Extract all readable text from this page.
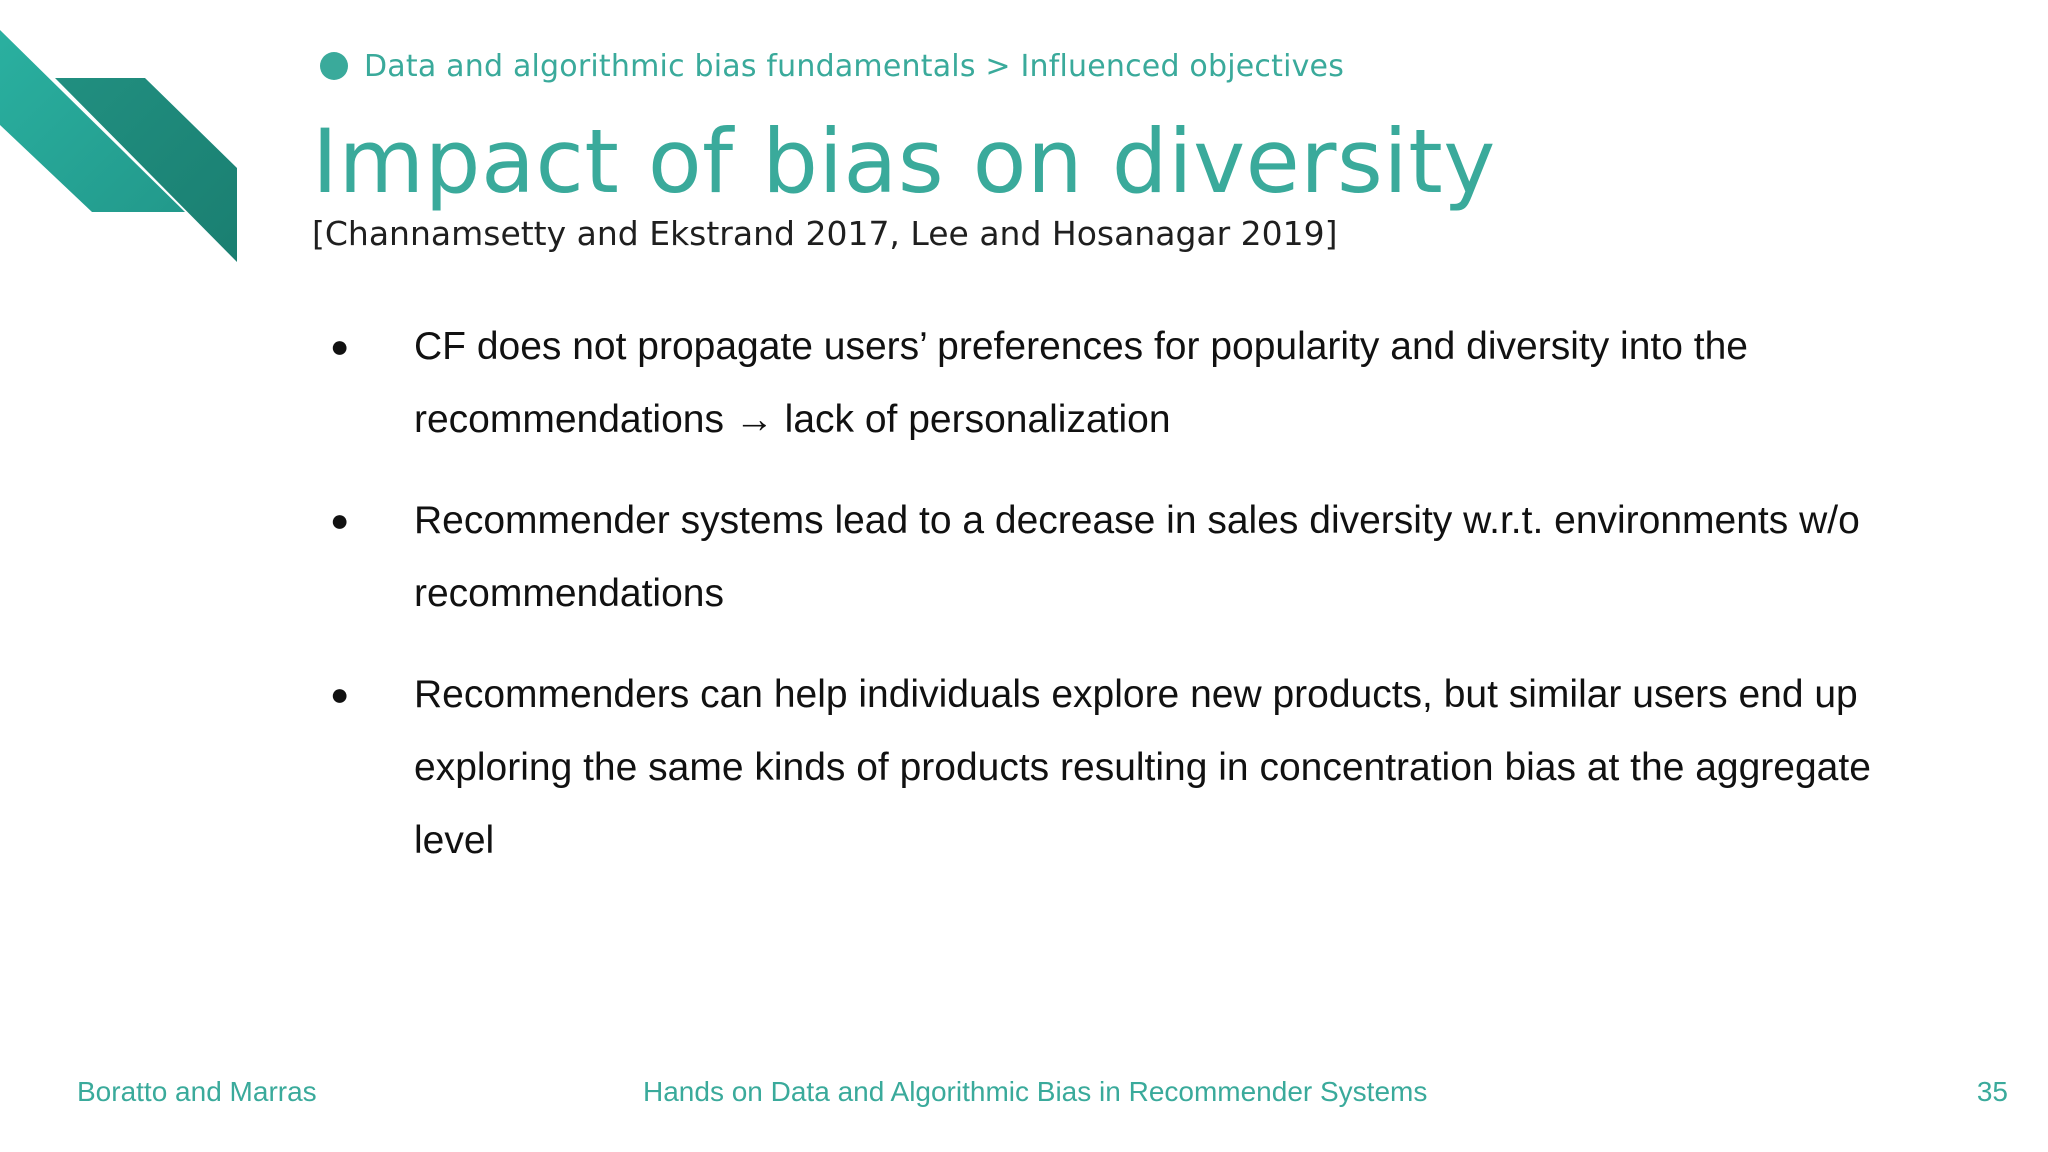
Data and algorithmic bias fundamentals > Influenced objectives
Impact of bias on diversity
[Channamsetty and Ekstrand 2017, Lee and Hosanagar 2019]
●	CF does not propagate users’ preferences for popularity and diversity into the recommendations → lack of personalization
●	Recommender systems lead to a decrease in sales diversity w.r.t. environments w/o recommendations
●	Recommenders can help individuals explore new products, but similar users end up exploring the same kinds of products resulting in concentration bias at the aggregate level
Boratto and Marras	Hands on Data and Algorithmic Bias in Recommender Systems	35
